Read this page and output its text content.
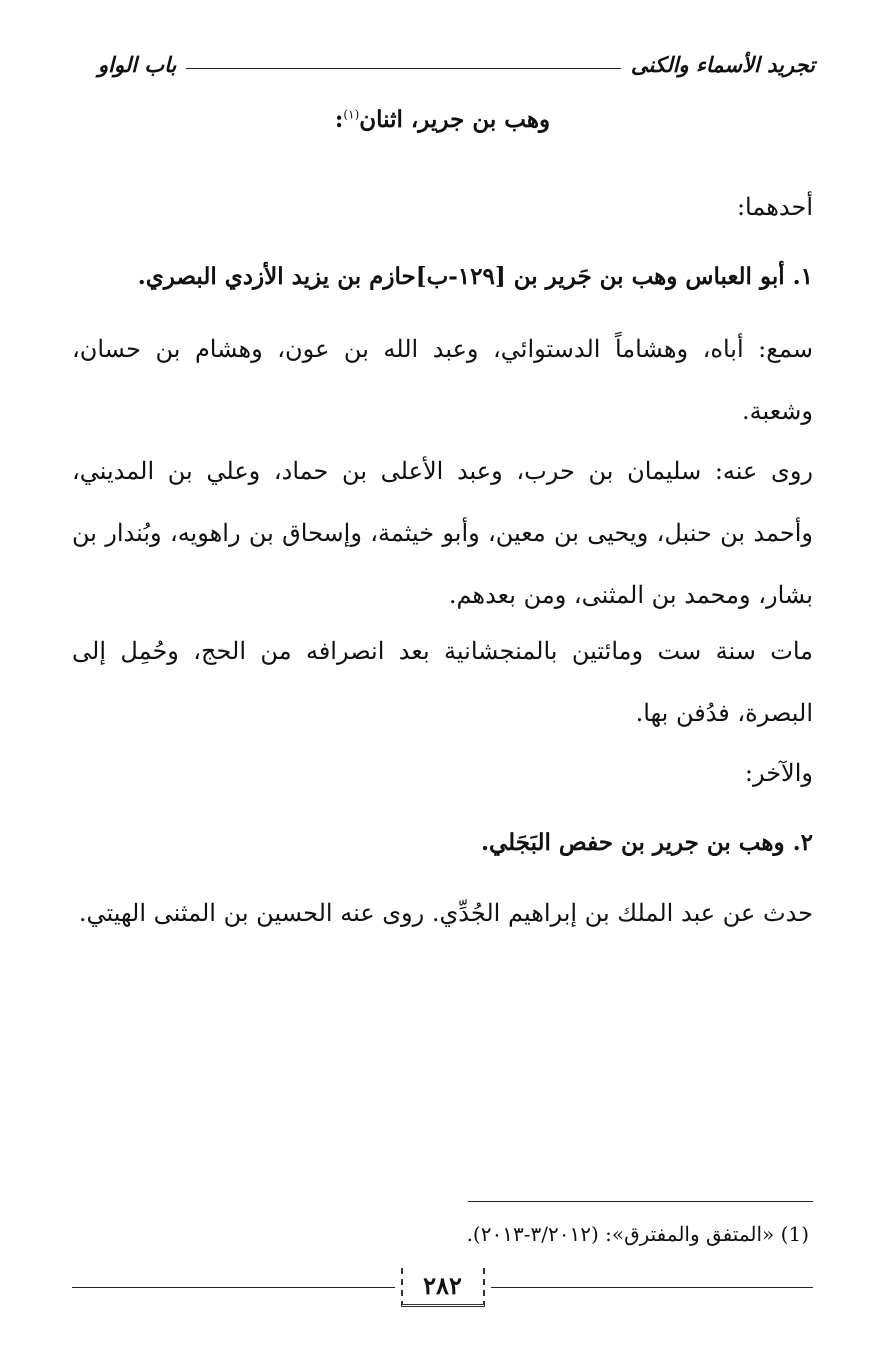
تجريد الأسماء والكنى
باب الواو
وهب بن جرير، اثنان$^{(١)}$:
أحدهما:
١. أبو العباس وهب بن جَرير بن [١٢٩-ب]حازم بن يزيد الأزدي البصري.
سمع: أباه، وهشاماً الدستوائي، وعبد الله بن عون، وهشام بن حسان، وشعبة.
روى عنه: سليمان بن حرب، وعبد الأعلى بن حماد، وعلي بن المديني، وأحمد بن حنبل، ويحيى بن معين، وأبو خيثمة، وإسحاق بن راهويه، وبُندار بن بشار، ومحمد بن المثنى، ومن بعدهم.
مات سنة ست ومائتين بالمنجشانية بعد انصرافه من الحج، وحُمِل إلى البصرة، فدُفن بها.
والآخر:
٢. وهب بن جرير بن حفص البَجَلي.
حدث عن عبد الملك بن إبراهيم الجُدِّي. روى عنه الحسين بن المثنى الهيتي.
(1) «المتفق والمفترق»: (٣/٢٠١٢-٢٠١٣).
٢٨٢
